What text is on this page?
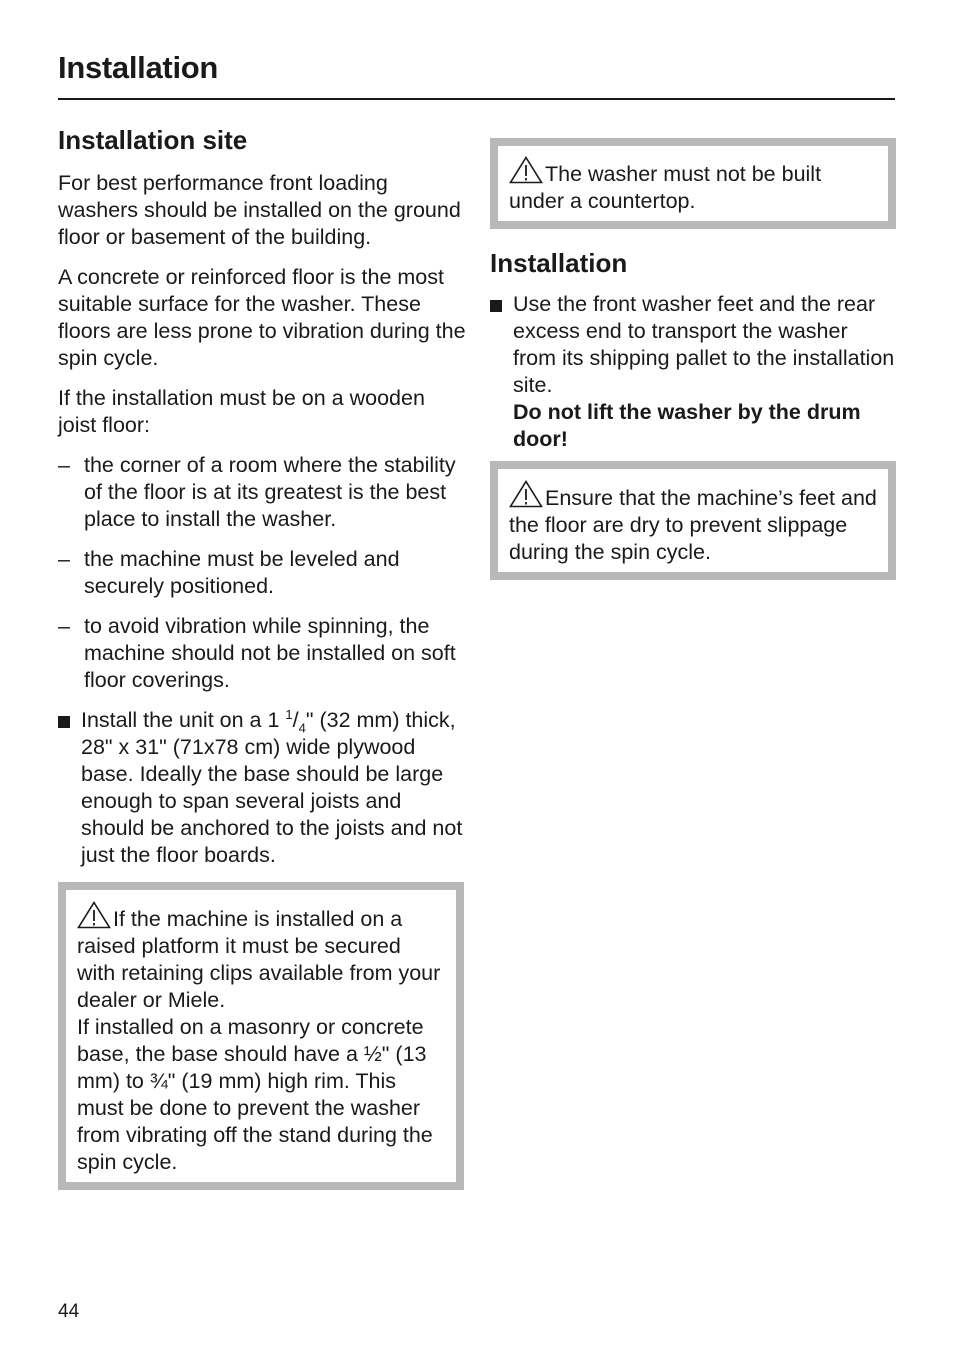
Installation
Installation site

For best performance front loading washers should be installed on the ground floor or basement of the building.

A concrete or reinforced floor is the most suitable surface for the washer. These floors are less prone to vibration during the spin cycle.

If the installation must be on a wooden joist floor:

– the corner of a room where the stability of the floor is at its greatest is the best place to install the washer.
– the machine must be leveled and securely positioned.
– to avoid vibration while spinning, the machine should not be installed on soft floor coverings.
Install the unit on a 1 $^1/_4$" (32 mm) thick, 28" x 31" (71x78 cm) wide plywood base. Ideally the base should be large enough to span several joists and should be anchored to the joists and not just the floor boards.
If the machine is installed on a raised platform it must be secured with retaining clips available from your dealer or Miele.
If installed on a masonry or concrete base, the base should have a ½" (13 mm) to ¾" (19 mm) high rim. This must be done to prevent the washer from vibrating off the stand during the spin cycle.
The washer must not be built under a countertop.
Installation
Use the front washer feet and the rear excess end to transport the washer from its shipping pallet to the installation site.
Do not lift the washer by the drum door!
Ensure that the machine’s feet and the floor are dry to prevent slippage during the spin cycle.
44
